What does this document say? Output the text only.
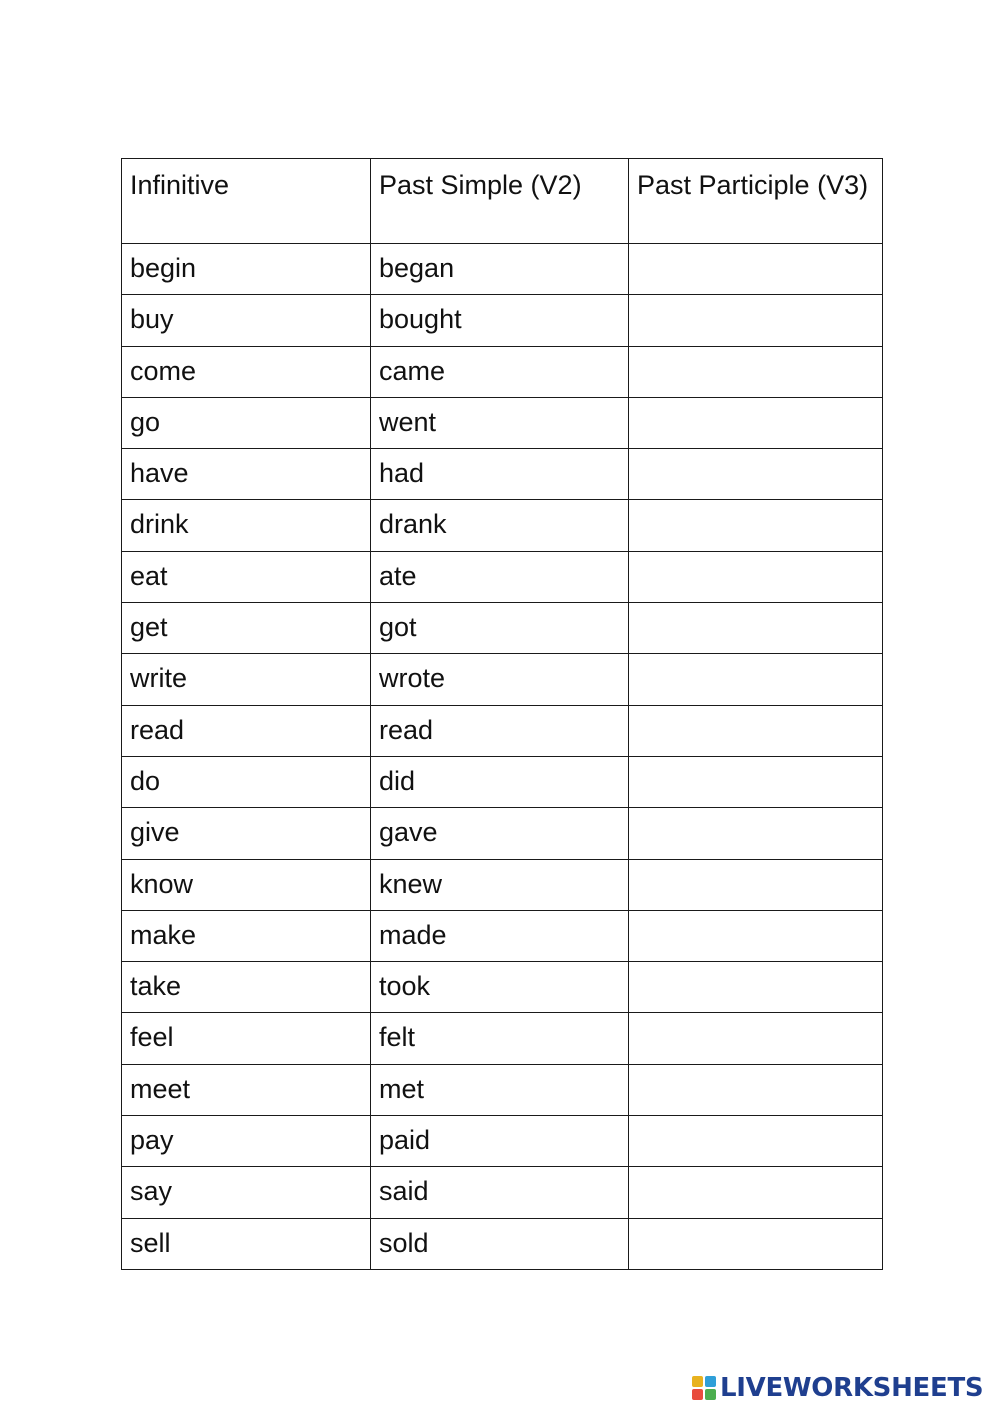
Infinitive	Past Simple (V2)	Past Participle (V3)
begin	began	
buy	bought	
come	came	
go	went	
have	had	
drink	drank	
eat	ate	
get	got	
write	wrote	
read	read	
do	did	
give	gave	
know	knew	
make	made	
take	took	
feel	felt	
meet	met	
pay	paid	
say	said	
sell	sold	
LIVEWORKSHEETS
